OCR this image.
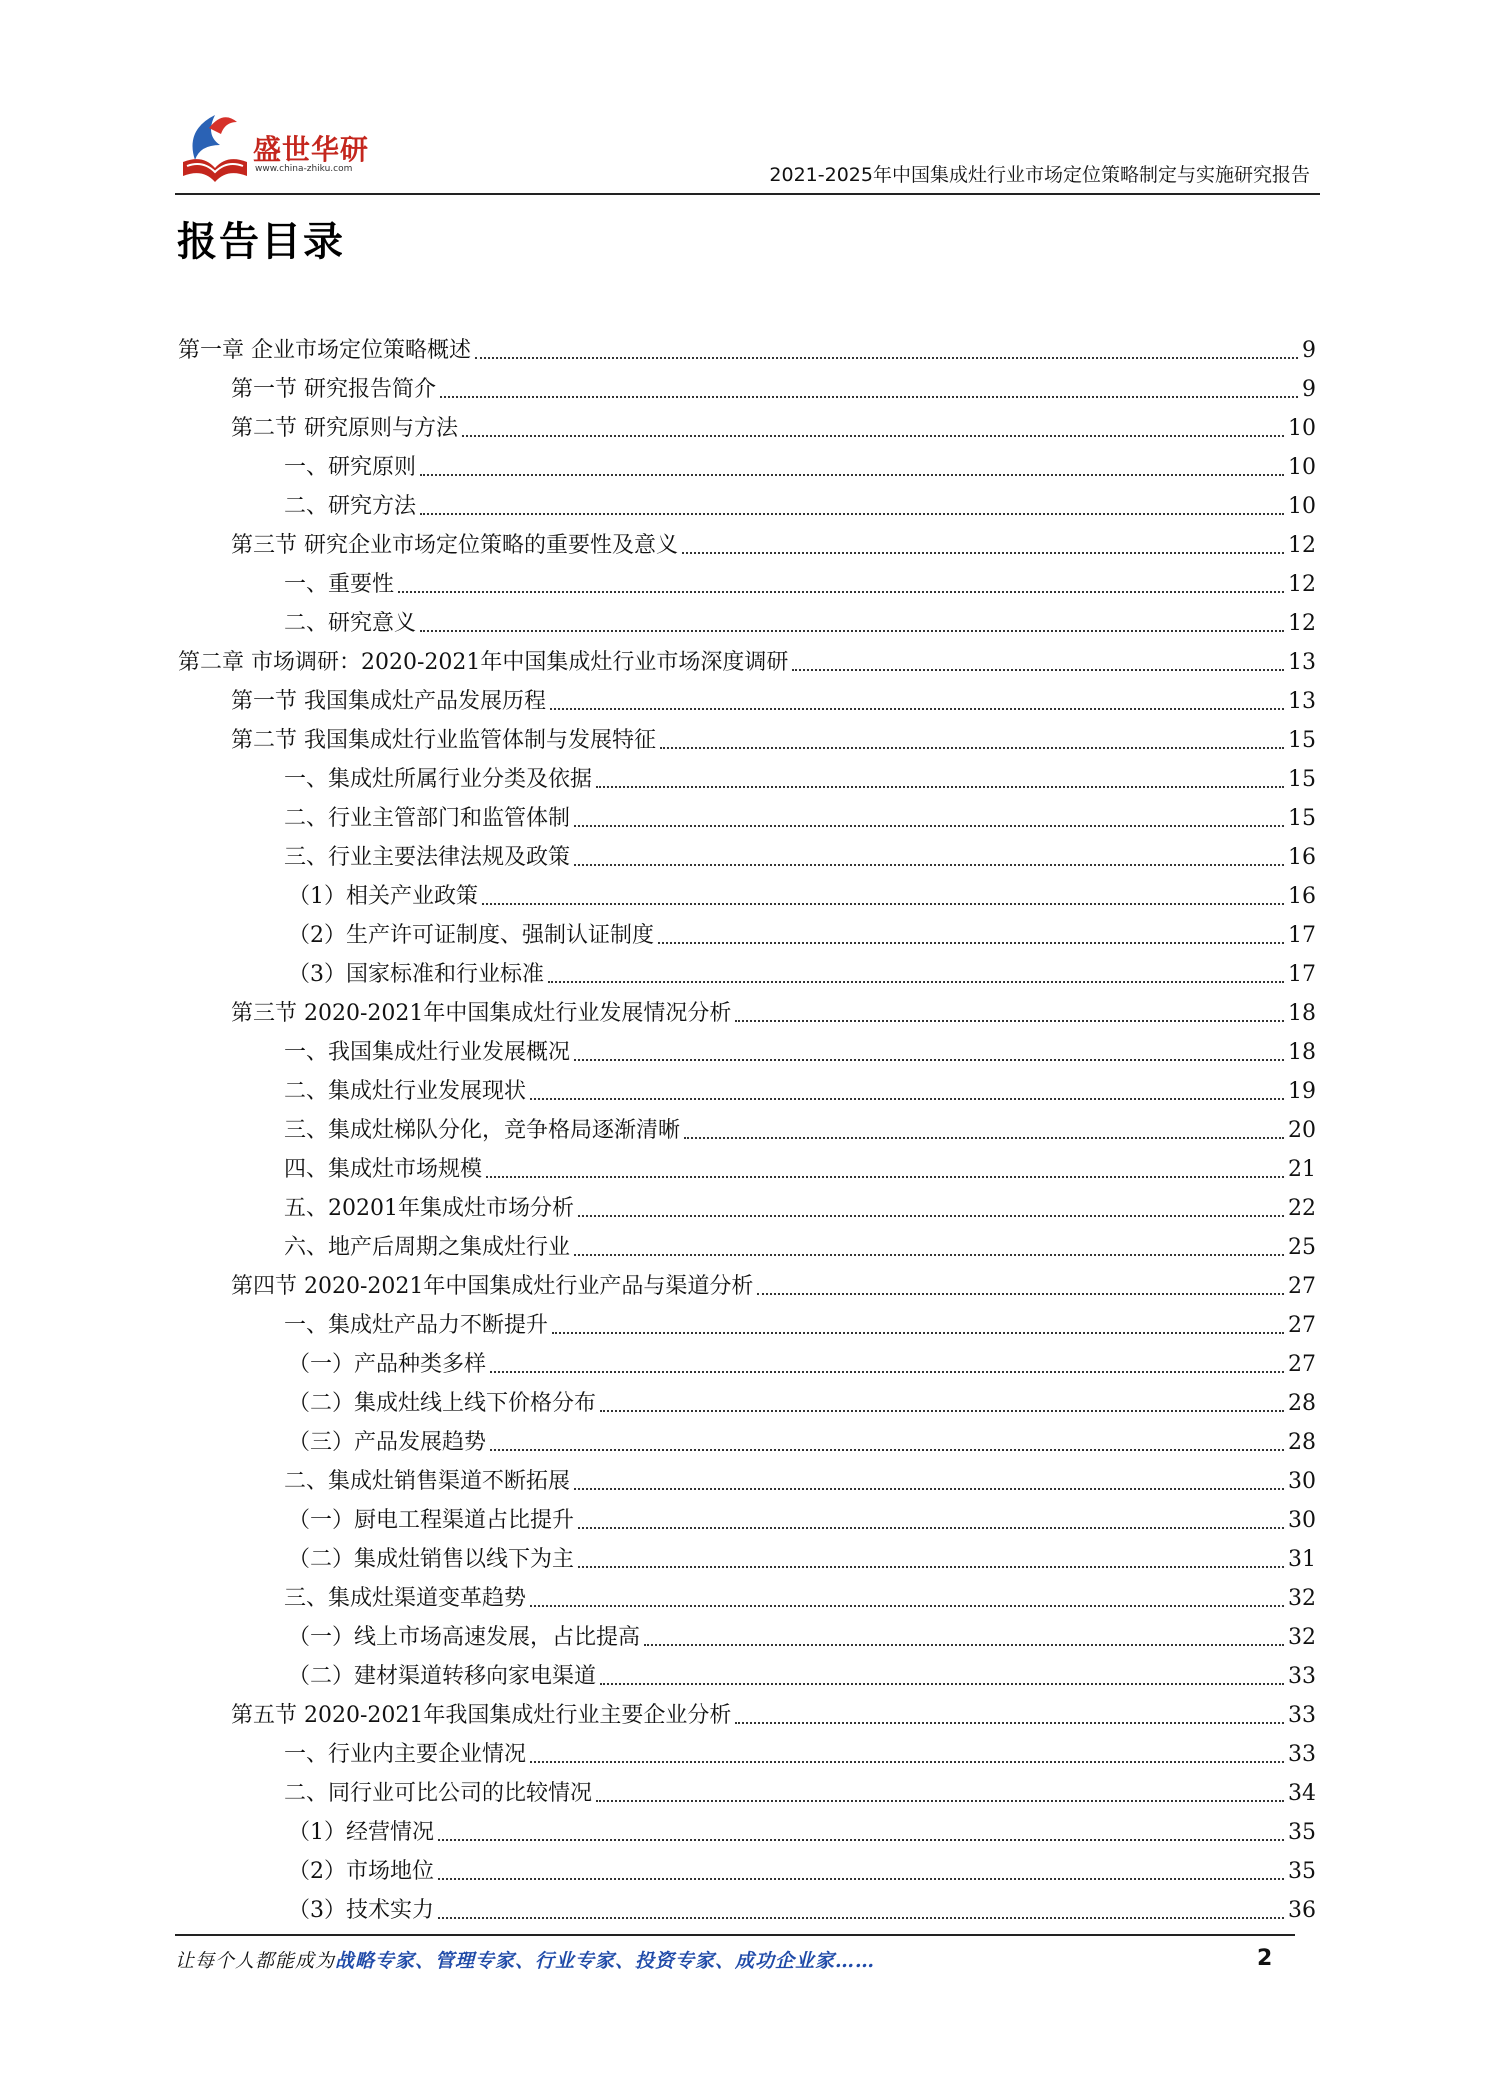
盛世华研
www.china-zhiku.com	2021-2025年中国集成灶行业市场定位策略制定与实施研究报告
报告目录
第一章 企业市场定位策略概述	9
第一节 研究报告简介	9
第二节 研究原则与方法	10
一、研究原则	10
二、研究方法	10
第三节 研究企业市场定位策略的重要性及意义	12
一、重要性	12
二、研究意义	12
第二章 市场调研：2020-2021年中国集成灶行业市场深度调研	13
第一节 我国集成灶产品发展历程	13
第二节 我国集成灶行业监管体制与发展特征	15
一、集成灶所属行业分类及依据	15
二、行业主管部门和监管体制	15
三、行业主要法律法规及政策	16
（1）相关产业政策	16
（2）生产许可证制度、强制认证制度	17
（3）国家标准和行业标准	17
第三节 2020-2021年中国集成灶行业发展情况分析	18
一、我国集成灶行业发展概况	18
二、集成灶行业发展现状	19
三、集成灶梯队分化，竞争格局逐渐清晰	20
四、集成灶市场规模	21
五、20201年集成灶市场分析	22
六、地产后周期之集成灶行业	25
第四节 2020-2021年中国集成灶行业产品与渠道分析	27
一、集成灶产品力不断提升	27
（一）产品种类多样	27
（二）集成灶线上线下价格分布	28
（三）产品发展趋势	28
二、集成灶销售渠道不断拓展	30
（一）厨电工程渠道占比提升	30
（二）集成灶销售以线下为主	31
三、集成灶渠道变革趋势	32
（一）线上市场高速发展，占比提高	32
（二）建材渠道转移向家电渠道	33
第五节 2020-2021年我国集成灶行业主要企业分析	33
一、行业内主要企业情况	33
二、同行业可比公司的比较情况	34
（1）经营情况	35
（2）市场地位	35
（3）技术实力	36
让每个人都能成为战略专家、管理专家、行业专家、投资专家、成功企业家……	2
